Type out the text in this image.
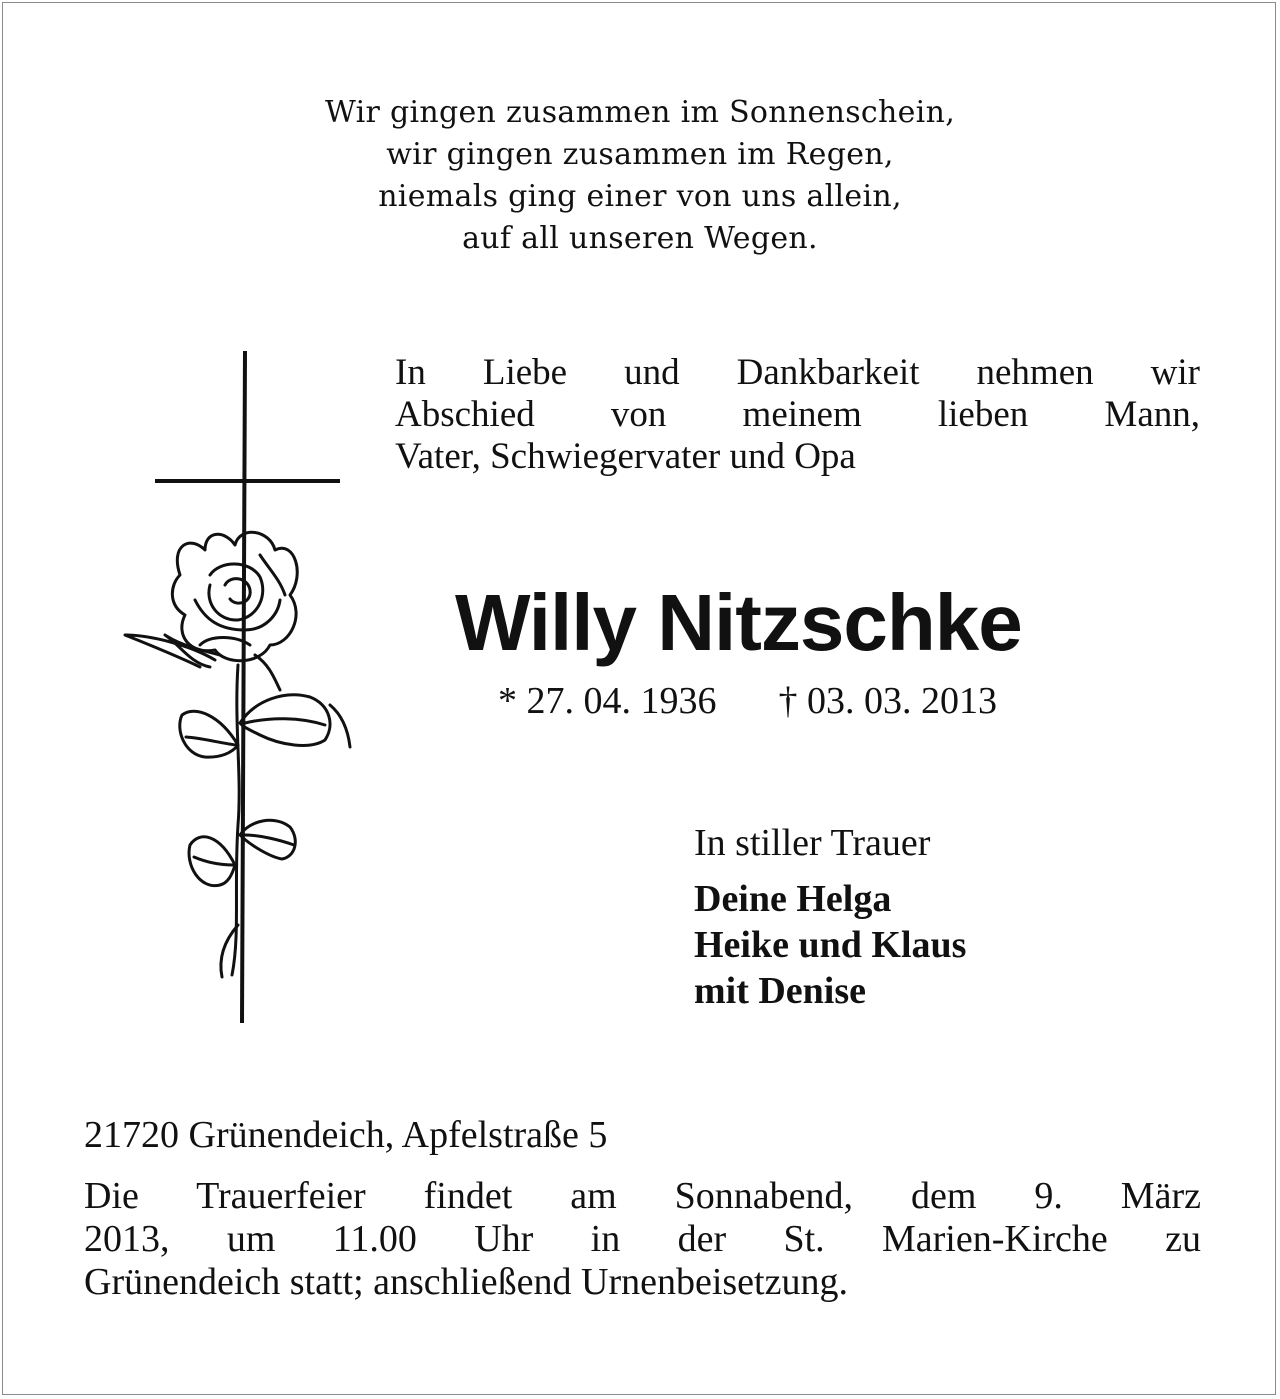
Wir gingen zusammen im Sonnenschein,
wir gingen zusammen im Regen,
niemals ging einer von uns allein,
auf all unseren Wegen.
In Liebe und Dankbarkeit nehmen wir
Abschied von meinem lieben Mann,
Vater, Schwiegervater und Opa
Willy Nitzschke
* 27. 04. 1936 † 03. 03. 2013
In stiller Trauer
Deine Helga
Heike und Klaus
mit Denise
21720 Grünendeich, Apfelstraße 5
Die Trauerfeier findet am Sonnabend, dem 9. März
2013, um 11.00 Uhr in der St. Marien-Kirche zu
Grünendeich statt; anschließend Urnenbeisetzung.
